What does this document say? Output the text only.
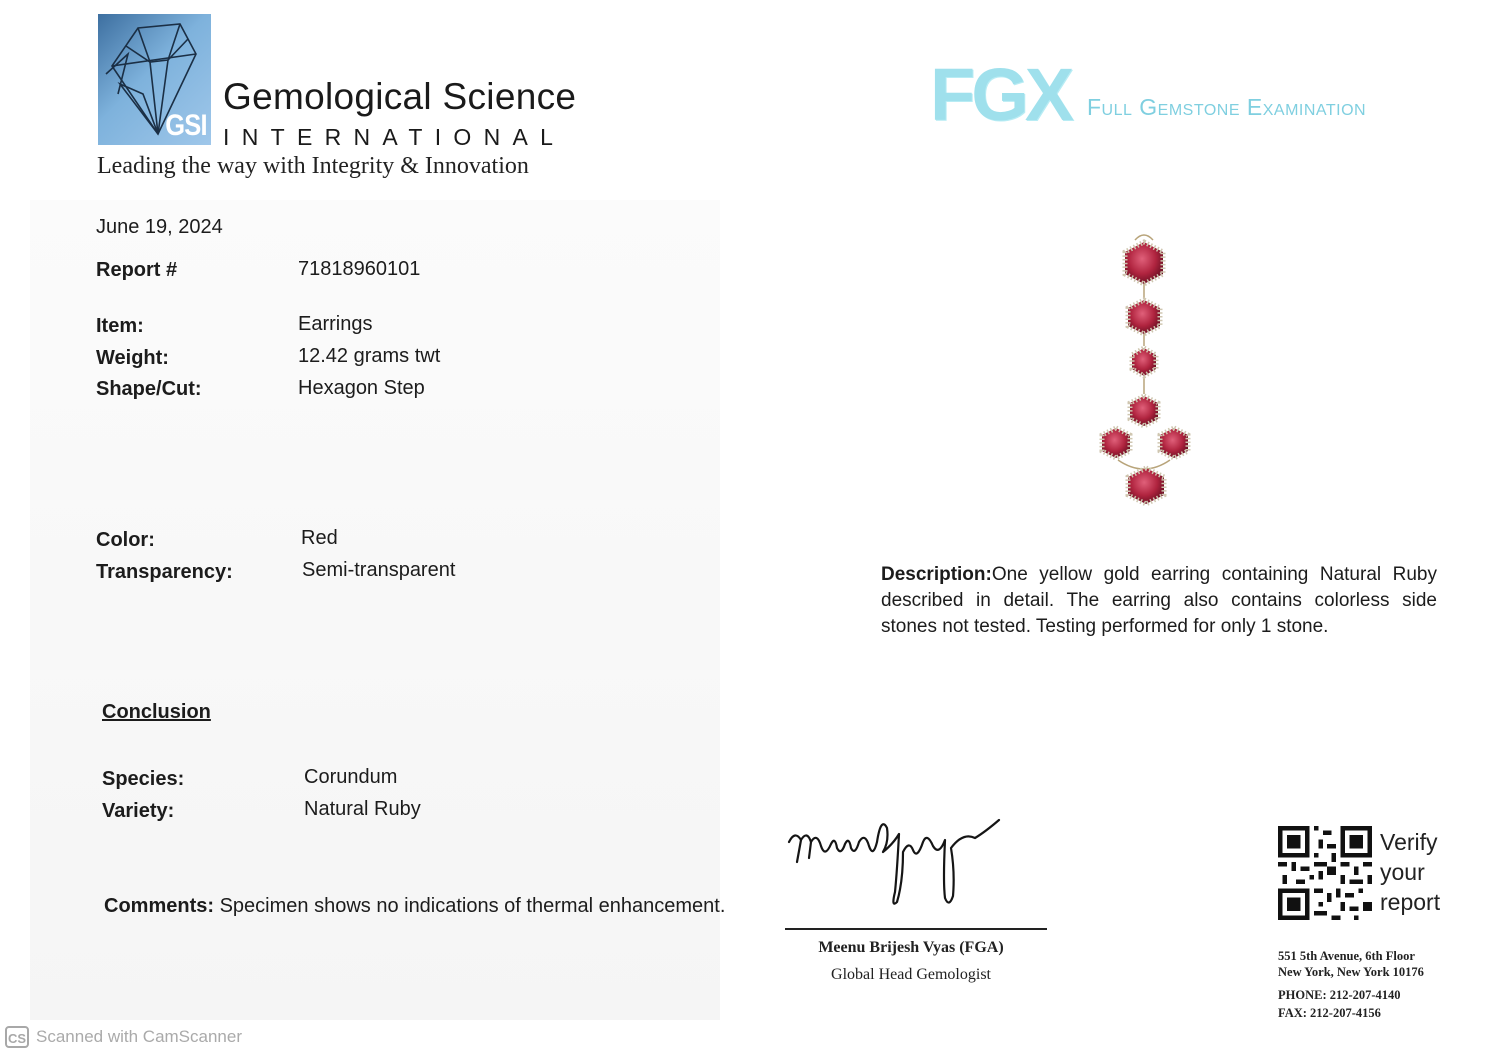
GSI
Gemological Science
INTERNATIONAL
Leading the way with Integrity & Innovation
FGX Full Gemstone Examination
June 19, 2024
Report #	71818960101
Item:	Earrings
Weight:	12.42 grams twt
Shape/Cut:	Hexagon Step
Color:	Red
Transparency:	Semi-transparent
Conclusion
Species:	Corundum
Variety:	Natural Ruby
Comments: Specimen shows no indications of thermal enhancement.
Description:One yellow gold earring containing Natural Ruby described in detail. The earring also contains colorless side stones not tested. Testing performed for only 1 stone.
Meenu Brijesh Vyas (FGA)
Global Head Gemologist
Verify
your
report
551 5th Avenue, 6th Floor
New York, New York 10176
PHONE: 212-207-4140
FAX: 212-207-4156
CS Scanned with CamScanner
